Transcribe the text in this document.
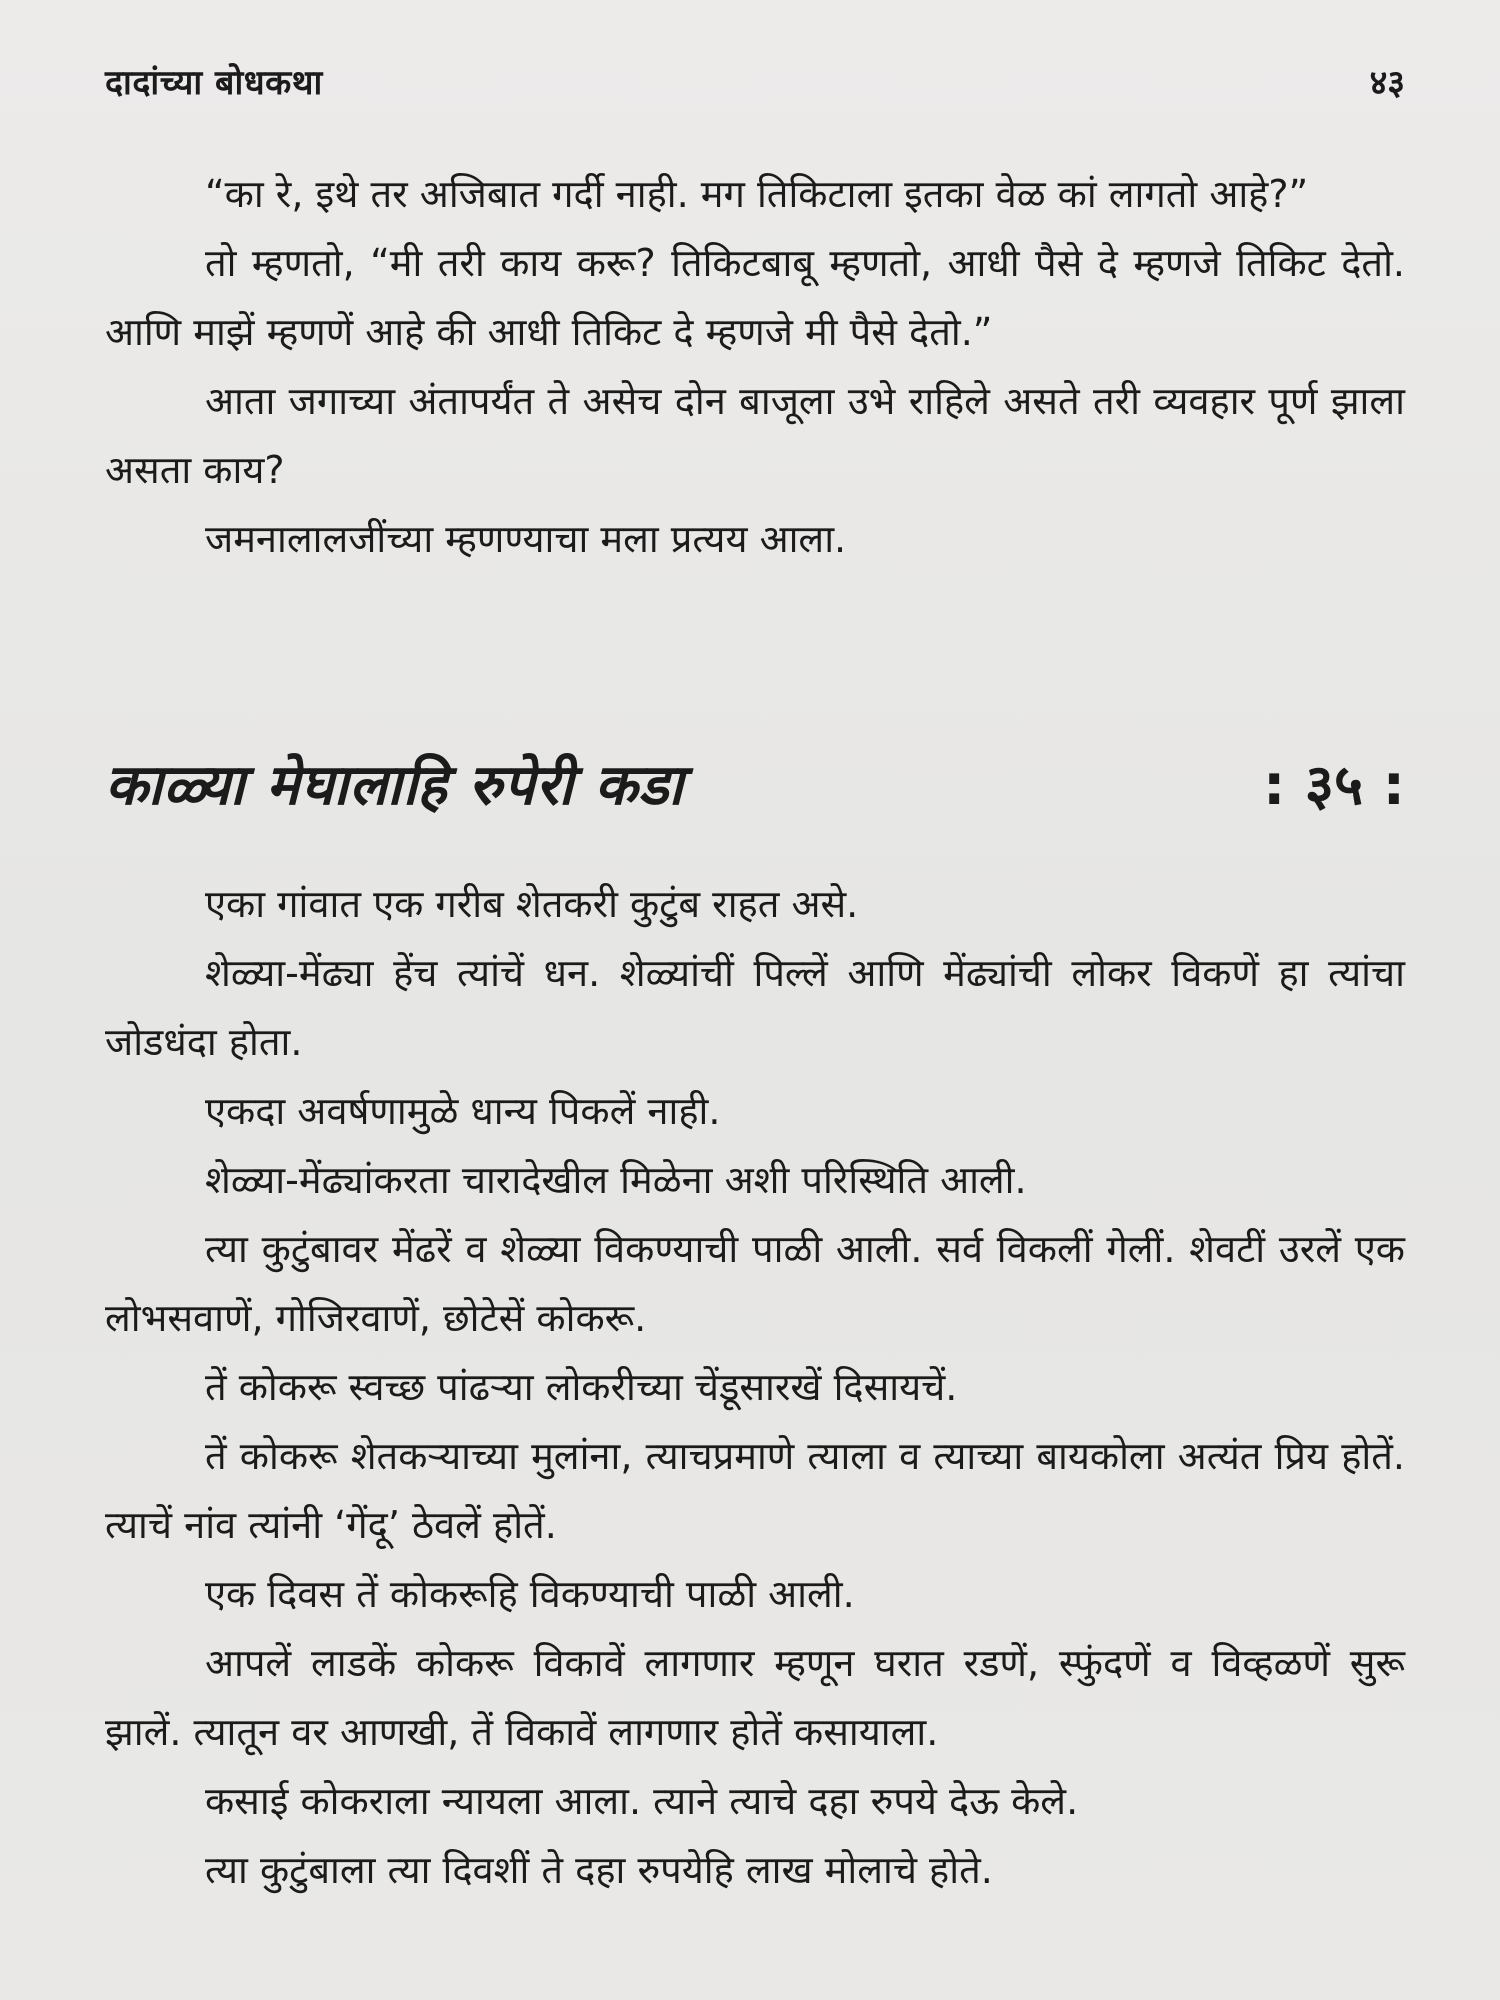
दादांच्या बोधकथा	४३

“का रे, इथे तर अजिबात गर्दी नाही. मग तिकिटाला इतका वेळ कां लागतो आहे?”

तो म्हणतो, “मी तरी काय करू? तिकिटबाबू म्हणतो, आधी पैसे दे म्हणजे तिकिट देतो. आणि माझें म्हणणें आहे की आधी तिकिट दे म्हणजे मी पैसे देतो.”

आता जगाच्या अंतापर्यंत ते असेच दोन बाजूला उभे राहिले असते तरी व्यवहार पूर्ण झाला असता काय?

जमनालालजींच्या म्हणण्याचा मला प्रत्यय आला.

काळ्या मेघालाहि रुपेरी कडा	: ३५ :

एका गांवात एक गरीब शेतकरी कुटुंब राहत असे.

शेळ्या-मेंढ्या हेंच त्यांचें धन. शेळ्यांचीं पिल्लें आणि मेंढ्यांची लोकर विकणें हा त्यांचा जोडधंदा होता.

एकदा अवर्षणामुळे धान्य पिकलें नाही.

शेळ्या-मेंढ्यांकरता चारादेखील मिळेना अशी परिस्थिति आली.

त्या कुटुंबावर मेंढरें व शेळ्या विकण्याची पाळी आली. सर्व विकलीं गेलीं. शेवटीं उरलें एक लोभसवाणें, गोजिरवाणें, छोटेसें कोकरू.

तें कोकरू स्वच्छ पांढऱ्या लोकरीच्या चेंडूसारखें दिसायचें.

तें कोकरू शेतकऱ्याच्या मुलांना, त्याचप्रमाणे त्याला व त्याच्या बायकोला अत्यंत प्रिय होतें. त्याचें नांव त्यांनी ‘गेंदू’ ठेवलें होतें.

एक दिवस तें कोकरूहि विकण्याची पाळी आली.

आपलें लाडकें कोकरू विकावें लागणार म्हणून घरात रडणें, स्फुंदणें व विव्हळणें सुरू झालें. त्यातून वर आणखी, तें विकावें लागणार होतें कसायाला.

कसाई कोकराला न्यायला आला. त्याने त्याचे दहा रुपये देऊ केले.

त्या कुटुंबाला त्या दिवशीं ते दहा रुपयेहि लाख मोलाचे होते.
